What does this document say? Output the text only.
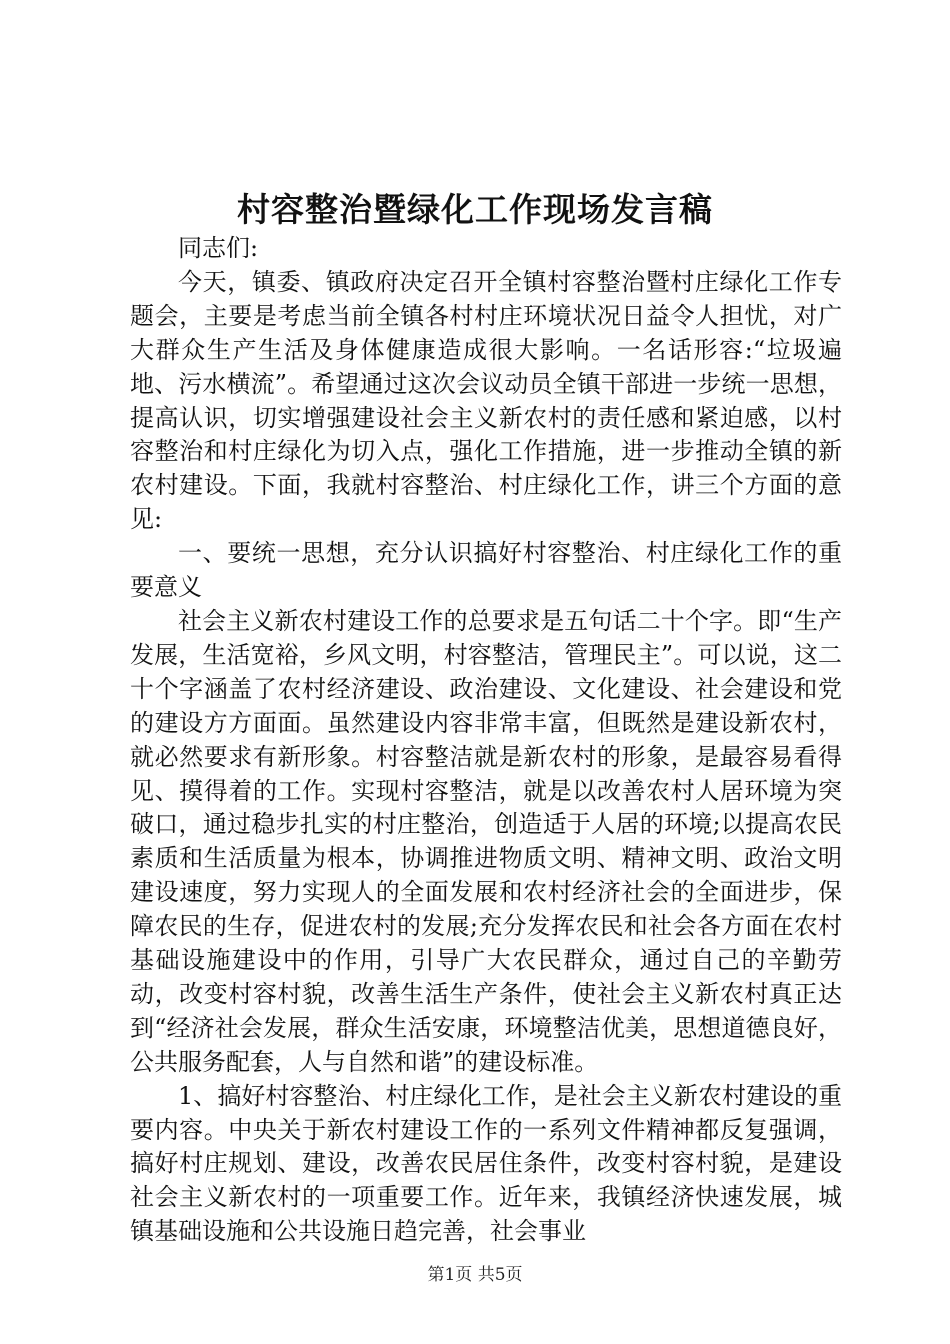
村容整治暨绿化工作现场发言稿

同志们:

今天，镇委、镇政府决定召开全镇村容整治暨村庄绿化工作专题会，主要是考虑当前全镇各村村庄环境状况日益令人担忧，对广大群众生产生活及身体健康造成很大影响。一名话形容:“垃圾遍地、污水横流”。希望通过这次会议动员全镇干部进一步统一思想，提高认识，切实增强建设社会主义新农村的责任感和紧迫感，以村容整治和村庄绿化为切入点，强化工作措施，进一步推动全镇的新农村建设。下面，我就村容整治、村庄绿化工作，讲三个方面的意见:

一、要统一思想，充分认识搞好村容整治、村庄绿化工作的重要意义

社会主义新农村建设工作的总要求是五句话二十个字。即“生产发展，生活宽裕，乡风文明，村容整洁，管理民主”。可以说，这二十个字涵盖了农村经济建设、政治建设、文化建设、社会建设和党的建设方方面面。虽然建设内容非常丰富，但既然是建设新农村，就必然要求有新形象。村容整洁就是新农村的形象，是最容易看得见、摸得着的工作。实现村容整洁，就是以改善农村人居环境为突破口，通过稳步扎实的村庄整治，创造适于人居的环境;以提高农民素质和生活质量为根本，协调推进物质文明、精神文明、政治文明建设速度，努力实现人的全面发展和农村经济社会的全面进步，保障农民的生存，促进农村的发展;充分发挥农民和社会各方面在农村基础设施建设中的作用，引导广大农民群众，通过自己的辛勤劳动，改变村容村貌，改善生活生产条件，使社会主义新农村真正达到“经济社会发展，群众生活安康，环境整洁优美，思想道德良好，公共服务配套，人与自然和谐”的建设标准。

1、搞好村容整治、村庄绿化工作，是社会主义新农村建设的重要内容。中央关于新农村建设工作的一系列文件精神都反复强调，搞好村庄规划、建设，改善农民居住条件，改变村容村貌，是建设社会主义新农村的一项重要工作。近年来，我镇经济快速发展，城镇基础设施和公共设施日趋完善，社会事业

第1页 共5页
